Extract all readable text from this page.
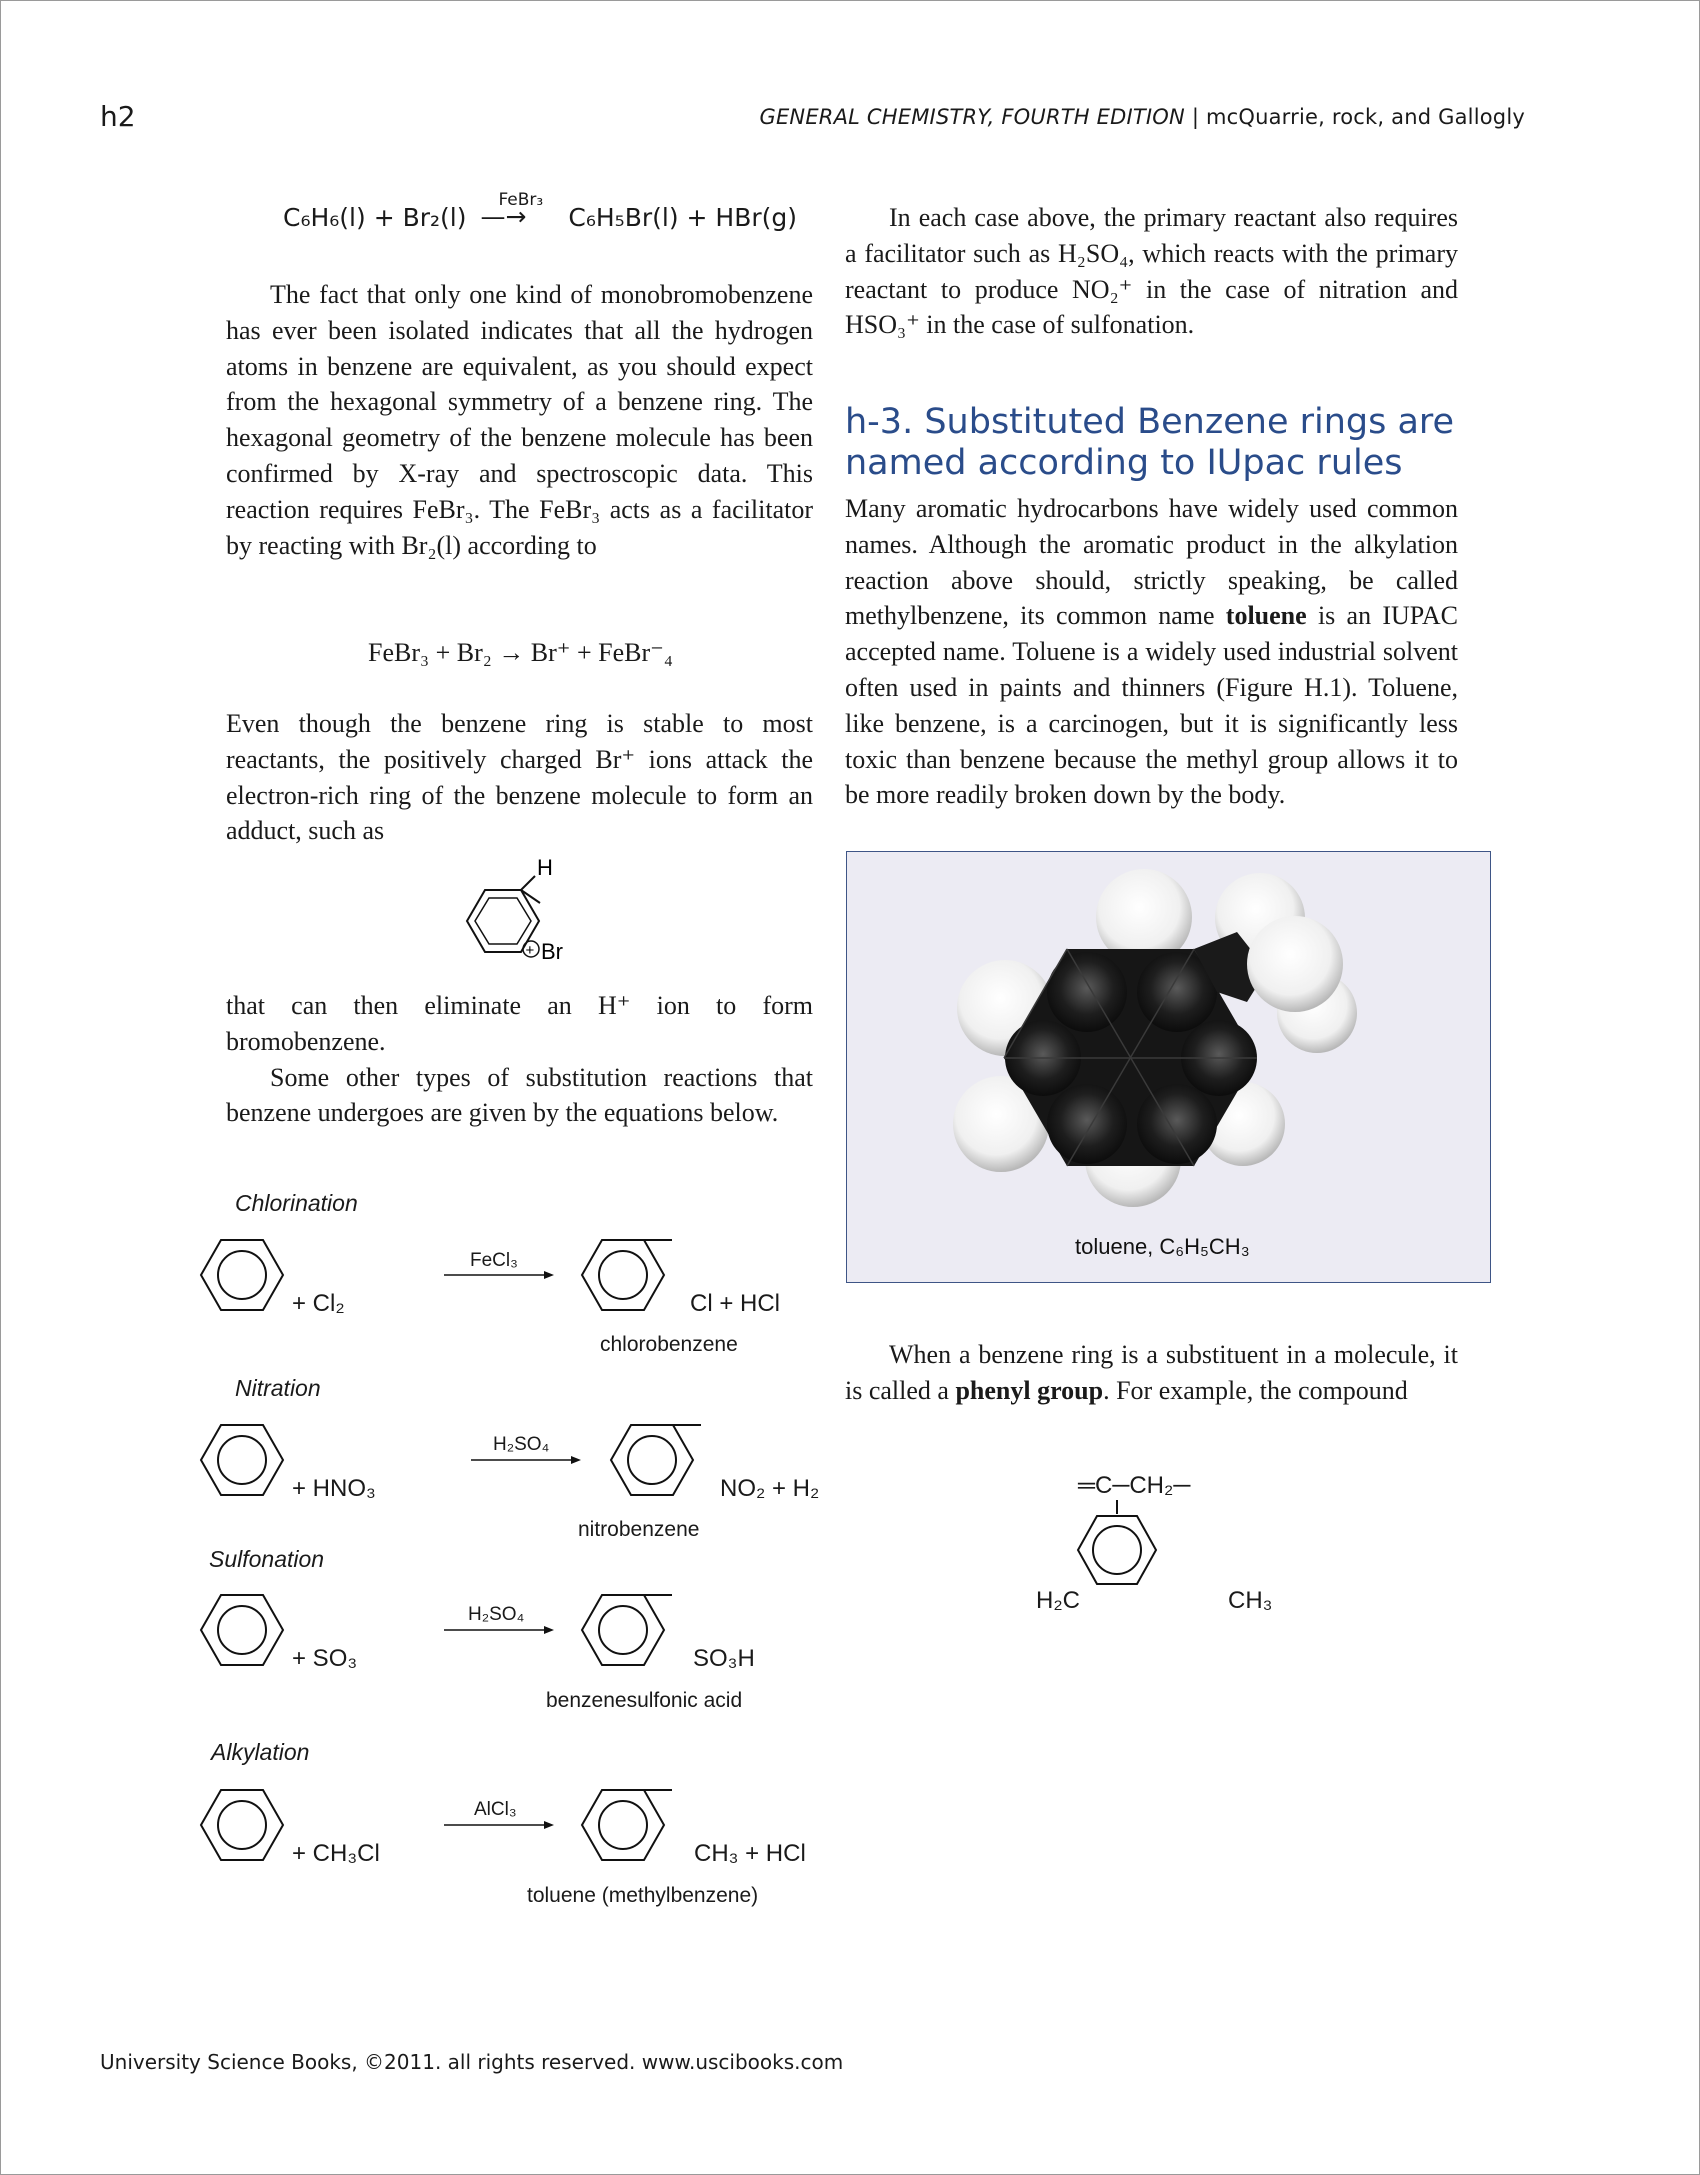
h2	GENERAL CHEMISTRY, FOURTH EDITION | mcQuarrie, rock, and Gallogly
C₆H₆(l) + Br₂(l)
FeBr₃
—→ C₆H₅Br(l) + HBr(g)

The fact that only one kind of monobromobenzene has ever been isolated indicates that all the hydrogen atoms in benzene are equivalent, as you should expect from the hexagonal symmetry of a benzene ring. The hexagonal geometry of the benzene molecule has been confirmed by X-ray and spectroscopic data. This reaction requires FeBr₃. The FeBr₃ acts as a facilitator by reacting with Br₂(l) according to

FeBr₃ + Br₂ → Br⁺ + FeBr⁻₄

Even though the benzene ring is stable to most reactants, the positively charged Br⁺ ions attack the electron-rich ring of the benzene molecule to form an adduct, such as

H
+ Br

that can then eliminate an H⁺ ion to form bromobenzene.

Some other types of substitution reactions that benzene undergoes are given by the equations below.

Chlorination
Nitration
Sulfonation
Alkylation
+ Cl₂
FeCl₃
Cl + HCl
chlorobenzene
+ HNO₃
H₂SO₄
NO₂ + H₂
nitrobenzene
+ SO₃
H₂SO₄
SO₃H
benzenesulfonic acid
+ CH₃Cl
AlCl₃
CH₃ + HCl
toluene (methylbenzene)

In each case above, the primary reactant also requires a facilitator such as H₂SO₄, which reacts with the primary reactant to produce NO₂⁺ in the case of nitration and HSO₃⁺ in the case of sulfonation.

h-3. Substituted Benzene rings are named according to IUpac rules

Many aromatic hydrocarbons have widely used common names. Although the aromatic product in the alkylation reaction above should, strictly speaking, be called methylbenzene, its common name toluene is an IUPAC accepted name. Toluene is a widely used industrial solvent often used in paints and thinners (Figure H.1). Toluene, like benzene, is a carcinogen, but it is significantly less toxic than benzene because the methyl group allows it to be more readily broken down by the body.

toluene, C₆H₅CH₃

When a benzene ring is a substituent in a molecule, it is called a phenyl group. For example, the compound

═C─CH₂─
H₂C	CH₃
University Science Books, ©2011. all rights reserved. www.uscibooks.com
